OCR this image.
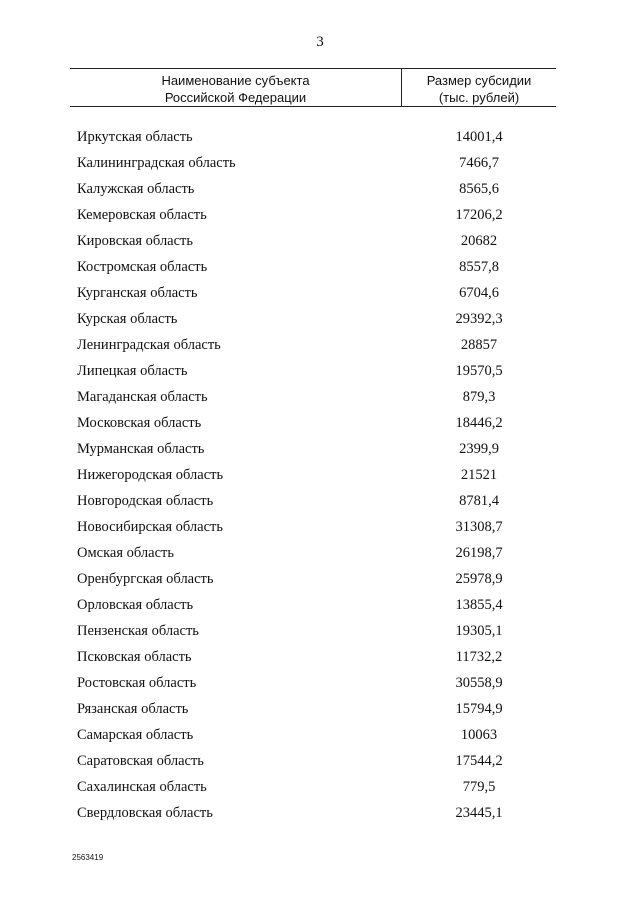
3
Наименование субъекта
Российской Федерации
Размер субсидии
(тыс. рублей)
Иркутская область	14001,4
Калининградская область	7466,7
Калужская область	8565,6
Кемеровская область	17206,2
Кировская область	20682
Костромская область	8557,8
Курганская область	6704,6
Курская область	29392,3
Ленинградская область	28857
Липецкая область	19570,5
Магаданская область	879,3
Московская область	18446,2
Мурманская область	2399,9
Нижегородская область	21521
Новгородская область	8781,4
Новосибирская область	31308,7
Омская область	26198,7
Оренбургская область	25978,9
Орловская область	13855,4
Пензенская область	19305,1
Псковская область	11732,2
Ростовская область	30558,9
Рязанская область	15794,9
Самарская область	10063
Саратовская область	17544,2
Сахалинская область	779,5
Свердловская область	23445,1
2563419
